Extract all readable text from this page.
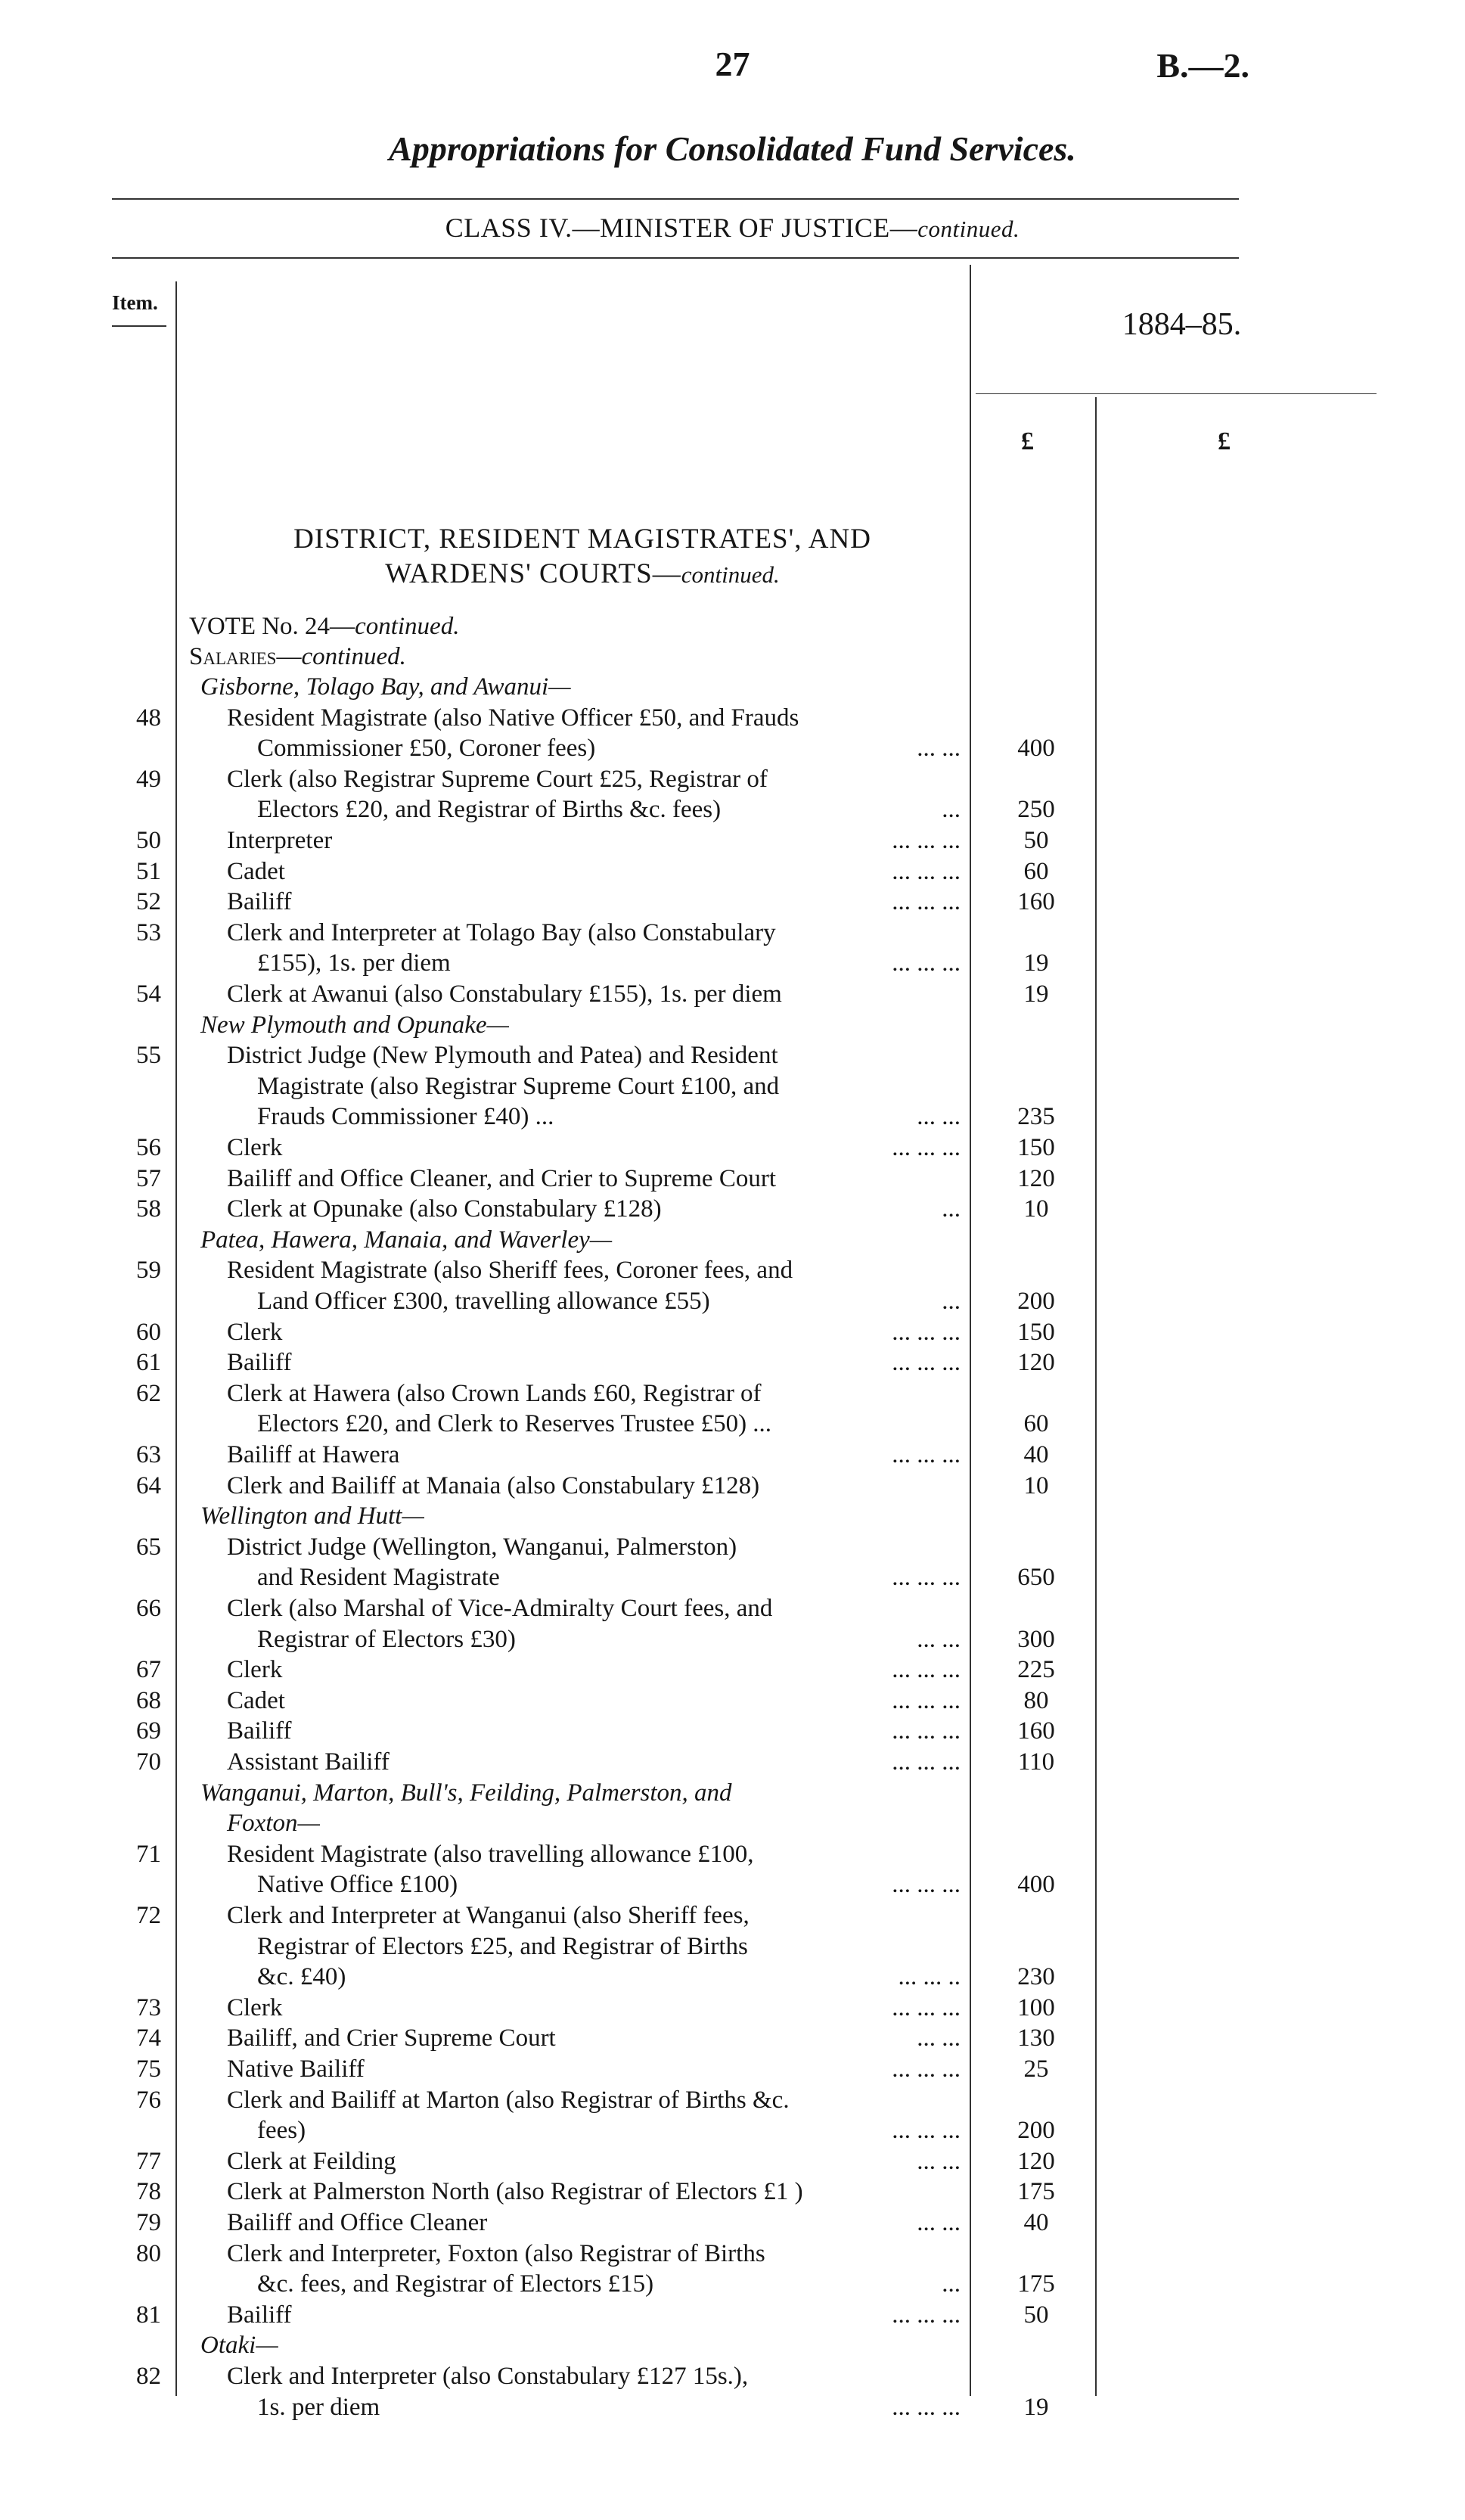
27	B.—2.
Appropriations for Consolidated Fund Services.
CLASS IV.—MINISTER OF JUSTICE—continued.
Item.
1884–85.
£	£
DISTRICT, RESIDENT MAGISTRATES', AND
WARDENS' COURTS—continued.
VOTE No. 24—continued.
Salaries—continued.
Gisborne, Tolago Bay, and Awanui—
48	Resident Magistrate (also Native Officer £50, and Frauds
Commissioner £50, Coroner fees)	... ...	400
49	Clerk (also Registrar Supreme Court £25, Registrar of
Electors £20, and Registrar of Births &c. fees)	...	250
50	Interpreter	... ... ...	50
51	Cadet	... ... ...	60
52	Bailiff	... ... ...	160
53	Clerk and Interpreter at Tolago Bay (also Constabulary
£155), 1s. per diem	... ... ...	19
54	Clerk at Awanui (also Constabulary £155), 1s. per diem	19
New Plymouth and Opunake—
55	District Judge (New Plymouth and Patea) and Resident
Magistrate (also Registrar Supreme Court £100, and
Frauds Commissioner £40) ...	... ...	235
56	Clerk	... ... ...	150
57	Bailiff and Office Cleaner, and Crier to Supreme Court	120
58	Clerk at Opunake (also Constabulary £128)	...	10
Patea, Hawera, Manaia, and Waverley—
59	Resident Magistrate (also Sheriff fees, Coroner fees, and
Land Officer £300, travelling allowance £55)	...	200
60	Clerk	... ... ...	150
61	Bailiff	... ... ...	120
62	Clerk at Hawera (also Crown Lands £60, Registrar of
Electors £20, and Clerk to Reserves Trustee £50) ...	60
63	Bailiff at Hawera	... ... ...	40
64	Clerk and Bailiff at Manaia (also Constabulary £128)	10
Wellington and Hutt—
65	District Judge (Wellington, Wanganui, Palmerston)
and Resident Magistrate	... ... ...	650
66	Clerk (also Marshal of Vice-Admiralty Court fees, and
Registrar of Electors £30)	... ...	300
67	Clerk	... ... ...	225
68	Cadet	... ... ...	80
69	Bailiff	... ... ...	160
70	Assistant Bailiff	... ... ...	110
Wanganui, Marton, Bull's, Feilding, Palmerston, and
Foxton—
71	Resident Magistrate (also travelling allowance £100,
Native Office £100)	... ... ...	400
72	Clerk and Interpreter at Wanganui (also Sheriff fees,
Registrar of Electors £25, and Registrar of Births
&c. £40)	... ... ..	230
73	Clerk	... ... ...	100
74	Bailiff, and Crier Supreme Court	... ...	130
75	Native Bailiff	... ... ...	25
76	Clerk and Bailiff at Marton (also Registrar of Births &c.
fees)	... ... ...	200
77	Clerk at Feilding	... ...	120
78	Clerk at Palmerston North (also Registrar of Electors £1 )	175
79	Bailiff and Office Cleaner	... ...	40
80	Clerk and Interpreter, Foxton (also Registrar of Births
&c. fees, and Registrar of Electors £15)	...	175
81	Bailiff	... ... ...	50
Otaki—
82	Clerk and Interpreter (also Constabulary £127 15s.),
1s. per diem	... ... ...	19
